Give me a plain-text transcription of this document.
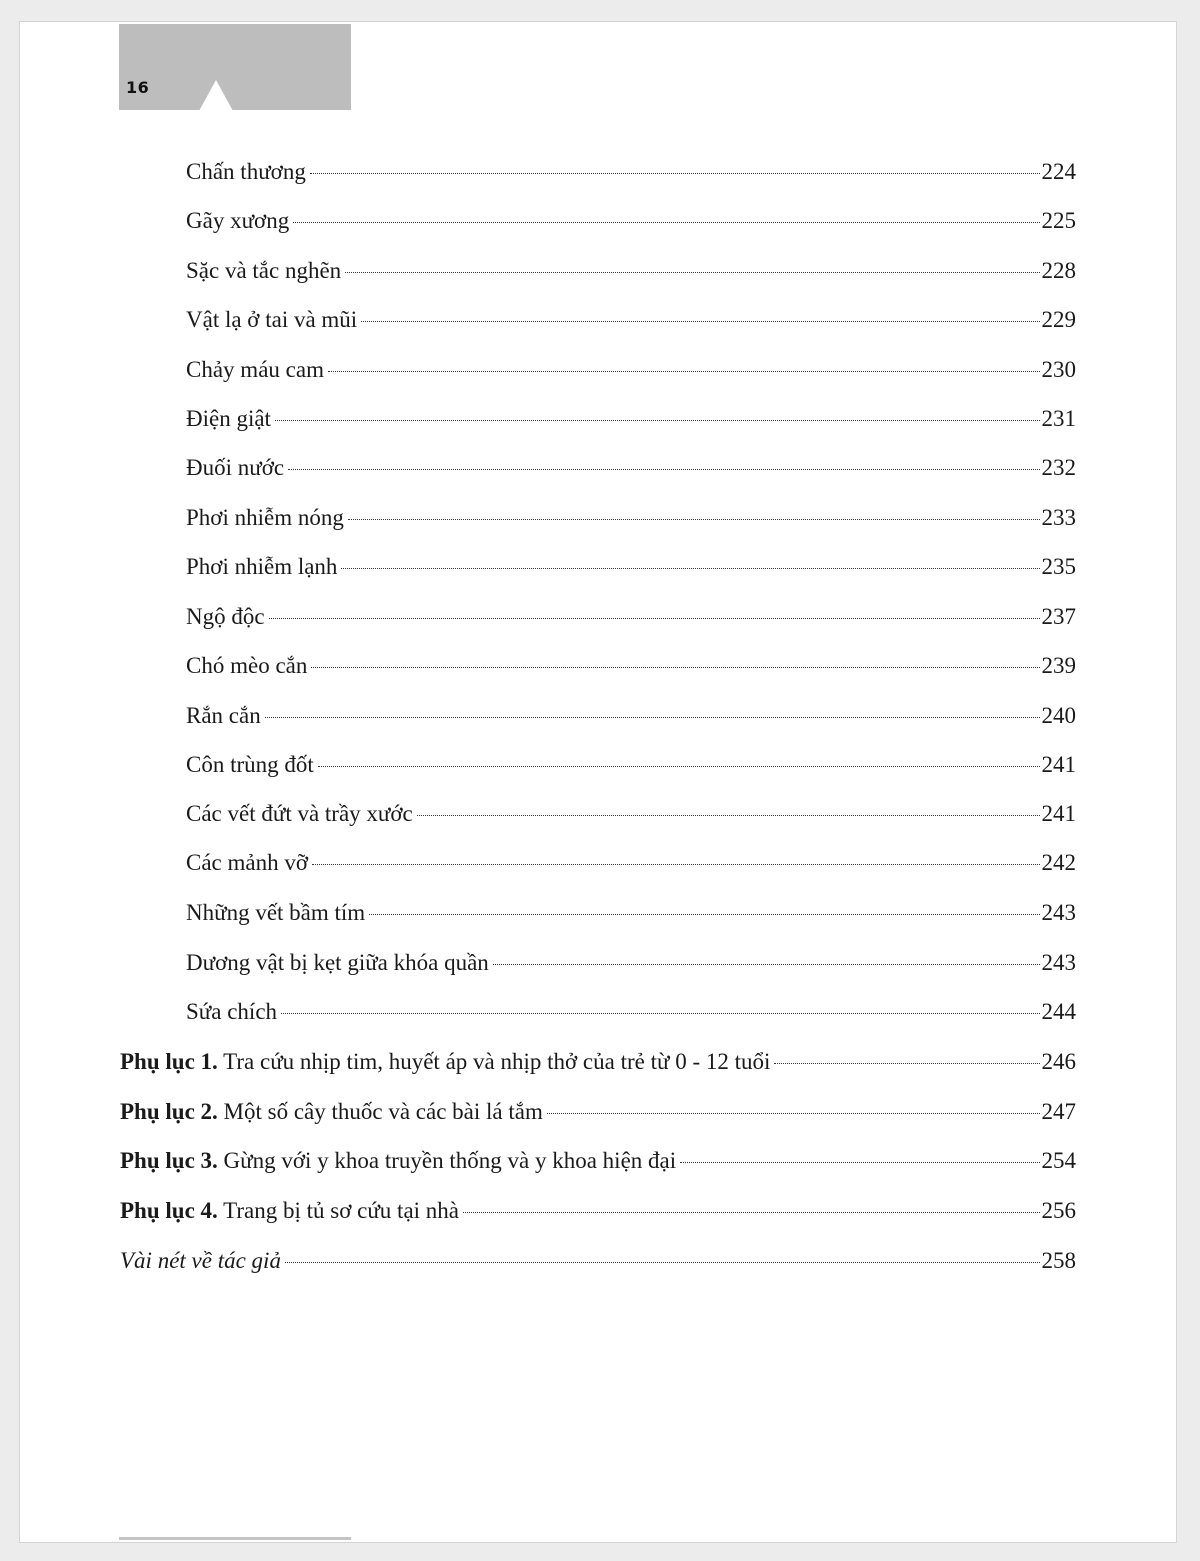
16
Chấn thương	224
Gãy xương	225
Sặc và tắc nghẽn	228
Vật lạ ở tai và mũi	229
Chảy máu cam	230
Điện giật	231
Đuối nước	232
Phơi nhiễm nóng	233
Phơi nhiễm lạnh	235
Ngộ độc	237
Chó mèo cắn	239
Rắn cắn	240
Côn trùng đốt	241
Các vết đứt và trầy xước	241
Các mảnh vỡ	242
Những vết bầm tím	243
Dương vật bị kẹt giữa khóa quần	243
Sứa chích	244
Phụ lục 1. Tra cứu nhịp tim, huyết áp và nhịp thở của trẻ từ 0 - 12 tuổi	246
Phụ lục 2. Một số cây thuốc và các bài lá tắm	247
Phụ lục 3. Gừng với y khoa truyền thống và y khoa hiện đại	254
Phụ lục 4. Trang bị tủ sơ cứu tại nhà	256
Vài nét về tác giả	258
